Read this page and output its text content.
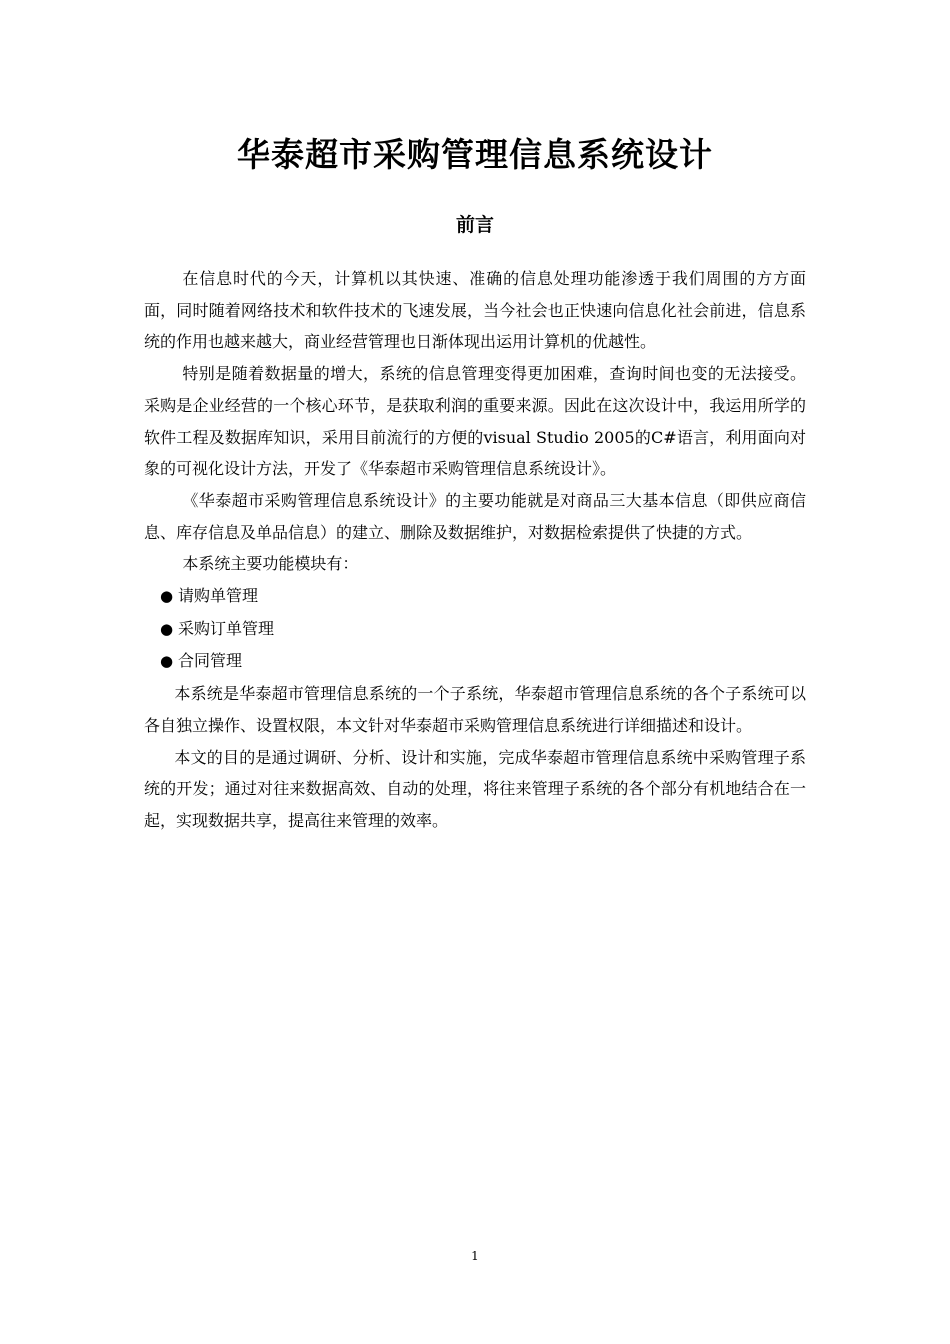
华泰超市采购管理信息系统设计
前言

在信息时代的今天，计算机以其快速、准确的信息处理功能渗透于我们周围的方方面面，同时随着网络技术和软件技术的飞速发展，当今社会也正快速向信息化社会前进，信息系统的作用也越来越大，商业经营管理也日渐体现出运用计算机的优越性。

特别是随着数据量的增大，系统的信息管理变得更加困难，查询时间也变的无法接受。采购是企业经营的一个核心环节，是获取利润的重要来源。因此在这次设计中，我运用所学的软件工程及数据库知识，采用目前流行的方便的visual Studio 2005的C#语言，利用面向对象的可视化设计方法，开发了《华泰超市采购管理信息系统设计》。

《华泰超市采购管理信息系统设计》的主要功能就是对商品三大基本信息（即供应商信息、库存信息及单品信息）的建立、删除及数据维护，对数据检索提供了快捷的方式。

本系统主要功能模块有：

● 请购单管理
● 采购订单管理
● 合同管理

本系统是华泰超市管理信息系统的一个子系统，华泰超市管理信息系统的各个子系统可以各自独立操作、设置权限，本文针对华泰超市采购管理信息系统进行详细描述和设计。

本文的目的是通过调研、分析、设计和实施，完成华泰超市管理信息系统中采购管理子系统的开发；通过对往来数据高效、自动的处理，将往来管理子系统的各个部分有机地结合在一起，实现数据共享，提高往来管理的效率。

1
